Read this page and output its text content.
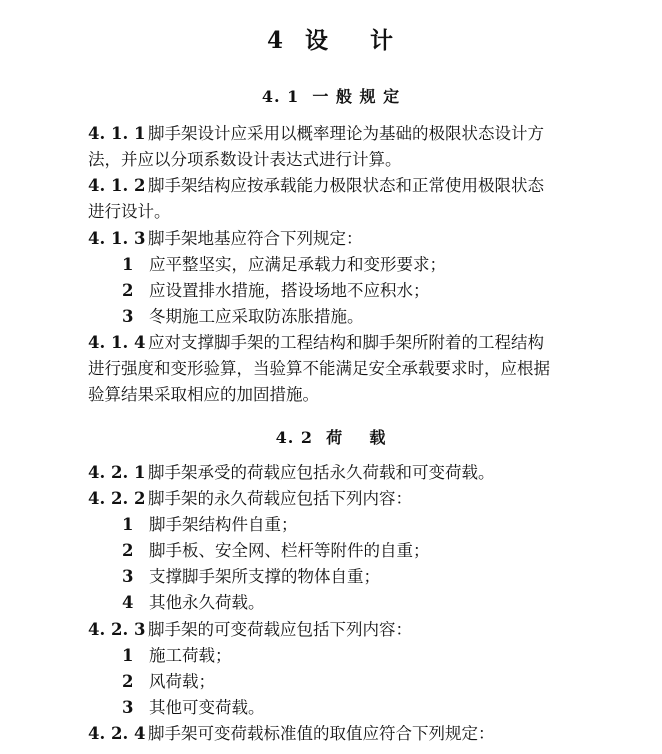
4  设    计
4. 1  一 般 规 定
4. 1. 1 脚手架设计应采用以概率理论为基础的极限状态设计方
法，并应以分项系数设计表达式进行计算。
4. 1. 2 脚手架结构应按承载能力极限状态和正常使用极限状态
进行设计。
4. 1. 3 脚手架地基应符合下列规定：
1 应平整坚实，应满足承载力和变形要求；
2 应设置排水措施，搭设场地不应积水；
3 冬期施工应采取防冻胀措施。
4. 1. 4 应对支撑脚手架的工程结构和脚手架所附着的工程结构
进行强度和变形验算，当验算不能满足安全承载要求时，应根据
验算结果采取相应的加固措施。
4. 2  荷    载
4. 2. 1 脚手架承受的荷载应包括永久荷载和可变荷载。
4. 2. 2 脚手架的永久荷载应包括下列内容：
1 脚手架结构件自重；
2 脚手板、安全网、栏杆等附件的自重；
3 支撑脚手架所支撑的物体自重；
4 其他永久荷载。
4. 2. 3 脚手架的可变荷载应包括下列内容：
1 施工荷载；
2 风荷载；
3 其他可变荷载。
4. 2. 4 脚手架可变荷载标准值的取值应符合下列规定：
